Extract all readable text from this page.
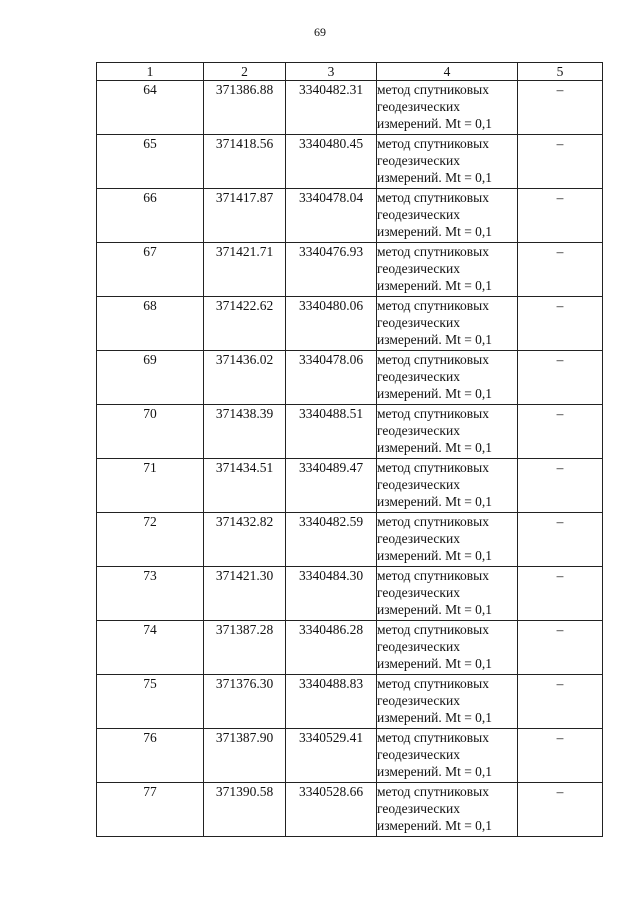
69
1	2	3	4	5
64	371386.88	3340482.31	метод спутниковых геодезических измерений. Mt = 0,1	–
65	371418.56	3340480.45	метод спутниковых геодезических измерений. Mt = 0,1	–
66	371417.87	3340478.04	метод спутниковых геодезических измерений. Mt = 0,1	–
67	371421.71	3340476.93	метод спутниковых геодезических измерений. Mt = 0,1	–
68	371422.62	3340480.06	метод спутниковых геодезических измерений. Mt = 0,1	–
69	371436.02	3340478.06	метод спутниковых геодезических измерений. Mt = 0,1	–
70	371438.39	3340488.51	метод спутниковых геодезических измерений. Mt = 0,1	–
71	371434.51	3340489.47	метод спутниковых геодезических измерений. Mt = 0,1	–
72	371432.82	3340482.59	метод спутниковых геодезических измерений. Mt = 0,1	–
73	371421.30	3340484.30	метод спутниковых геодезических измерений. Mt = 0,1	–
74	371387.28	3340486.28	метод спутниковых геодезических измерений. Mt = 0,1	–
75	371376.30	3340488.83	метод спутниковых геодезических измерений. Mt = 0,1	–
76	371387.90	3340529.41	метод спутниковых геодезических измерений. Mt = 0,1	–
77	371390.58	3340528.66	метод спутниковых геодезических измерений. Mt = 0,1	–
